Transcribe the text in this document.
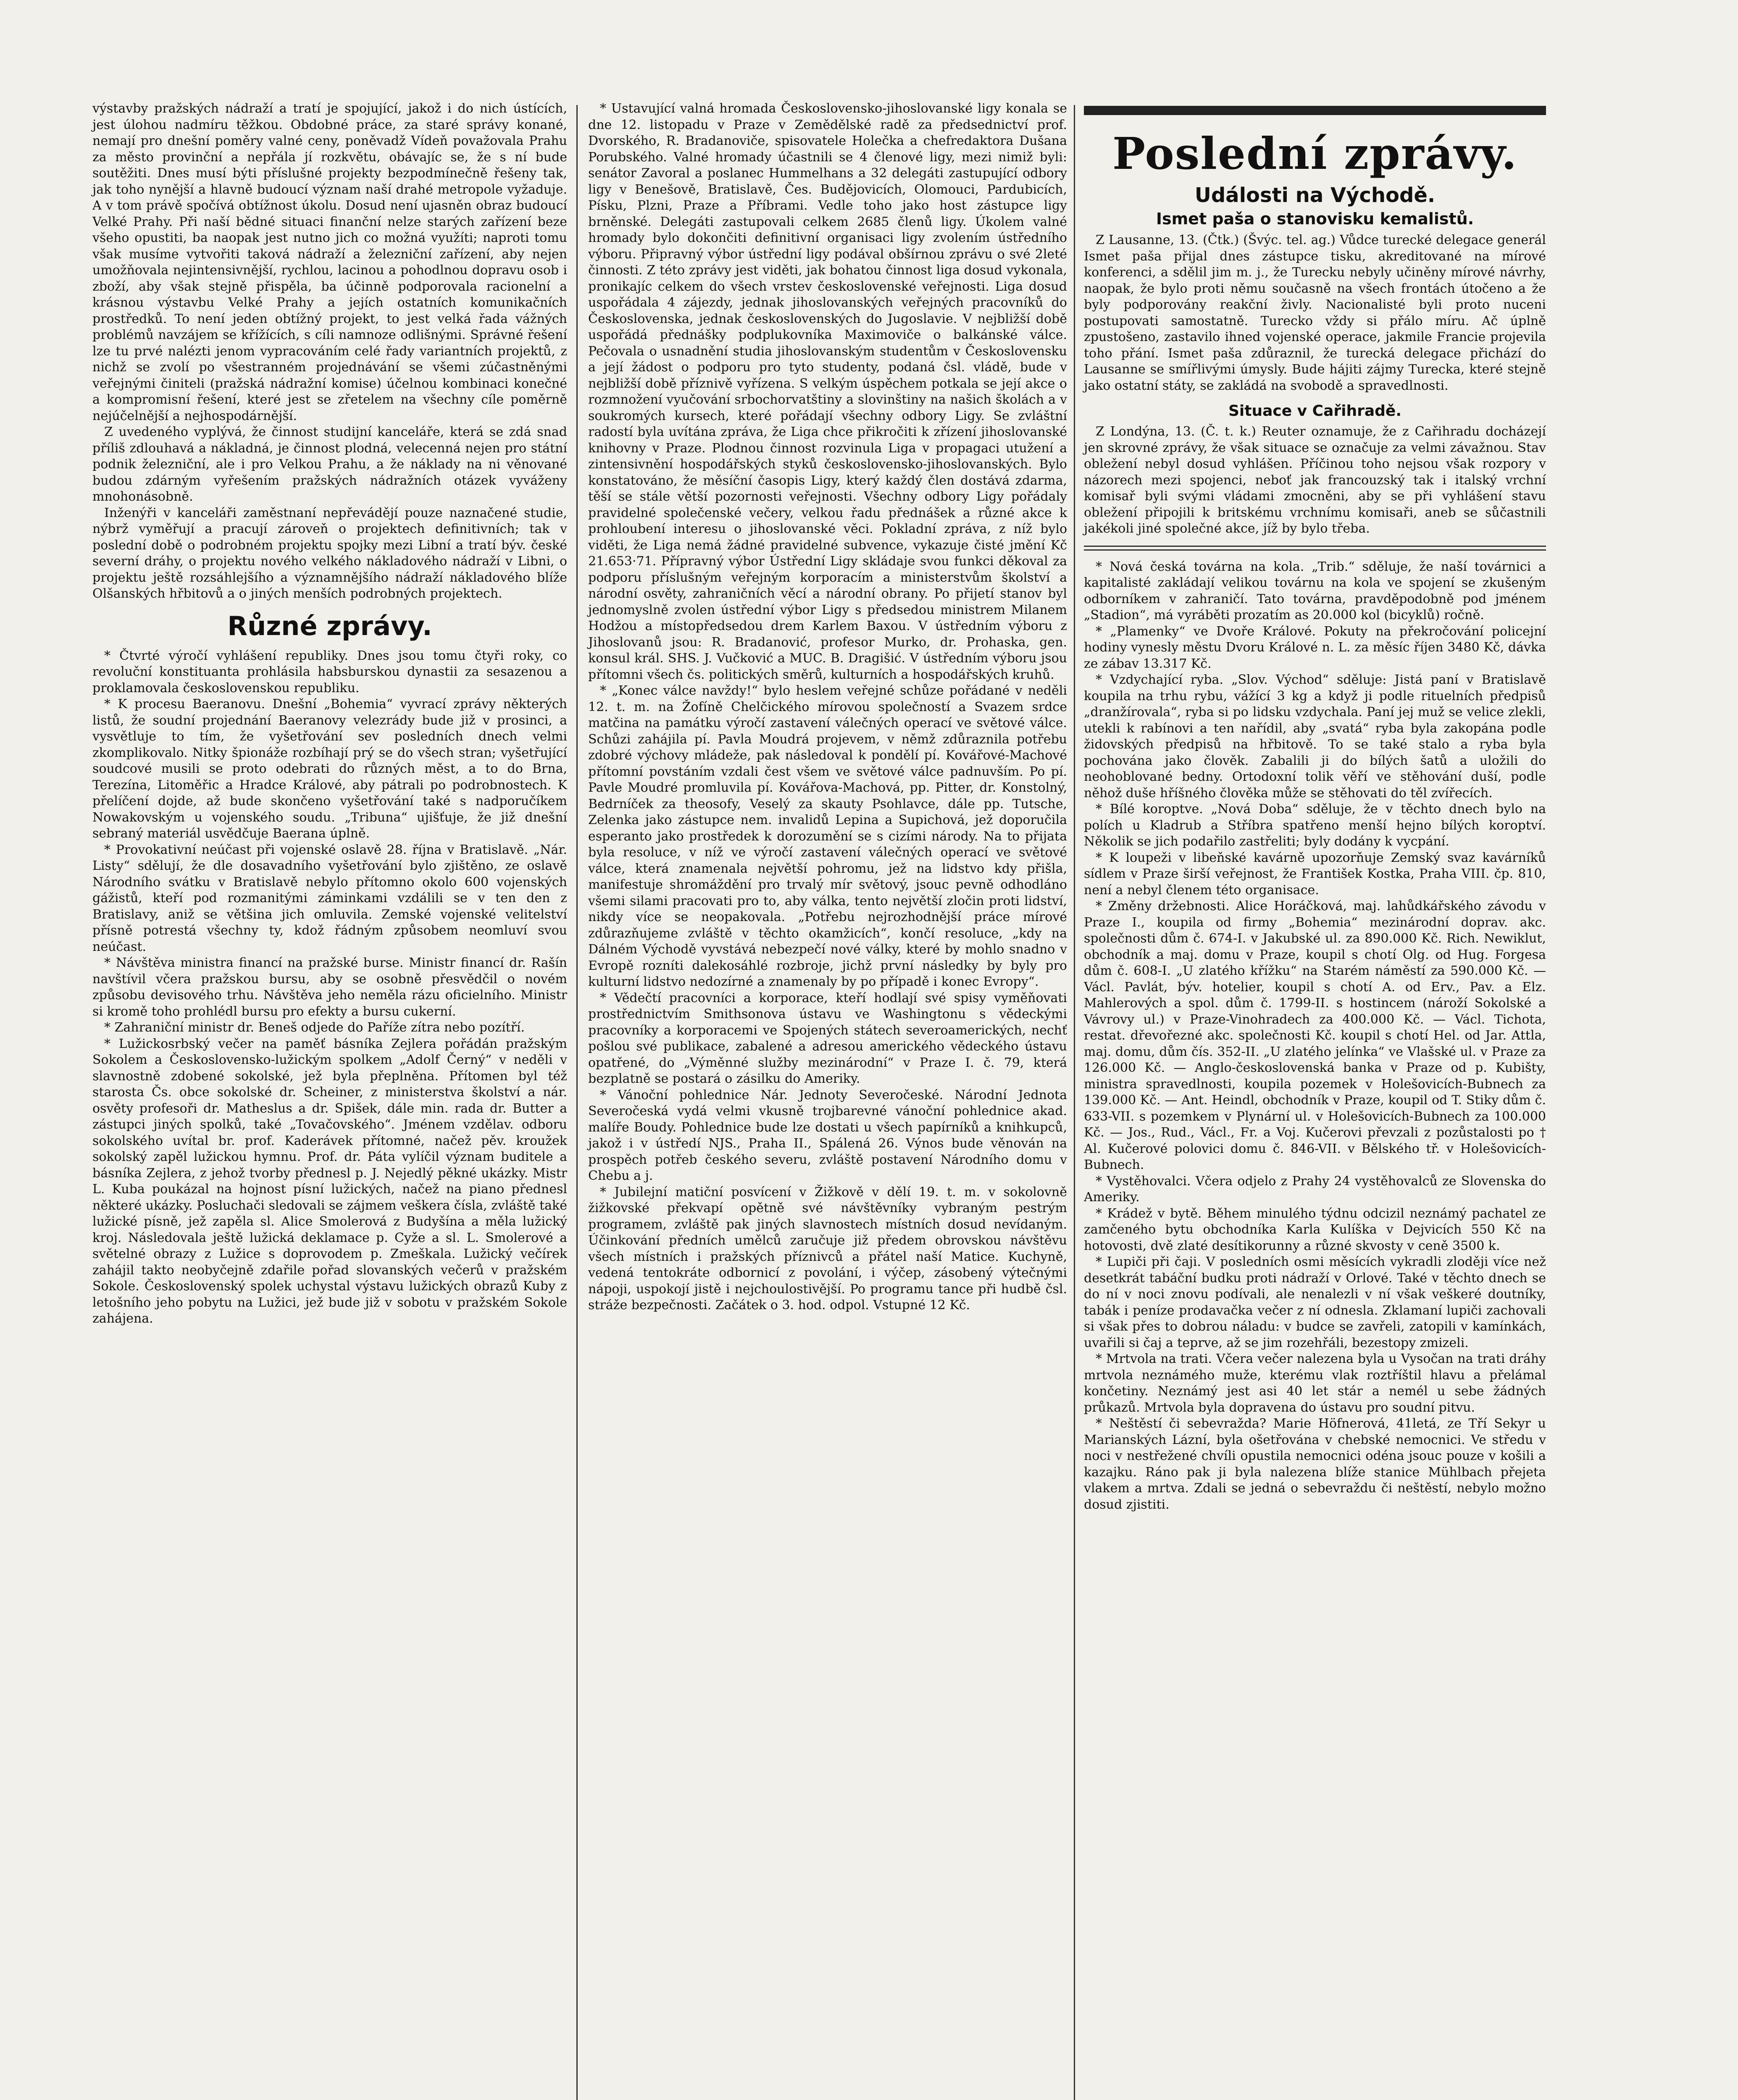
výstavby pražských nádraží a tratí je spojující, jakož i do nich ústících, jest úlohou nadmíru těžkou. Obdobné práce, za staré správy konané, nemají pro dnešní poměry valné ceny, poněvadž Vídeň považovala Prahu za město provinční a nepřála jí rozkvětu, obávajíc se, že s ní bude soutěžiti. Dnes musí býti příslušné projekty bezpodmínečně řešeny tak, jak toho nynější a hlavně budoucí význam naší drahé metropole vyžaduje. A v tom právě spočívá obtížnost úkolu. Dosud není ujasněn obraz budoucí Velké Prahy. Při naší bědné situaci finanční nelze starých zařízení beze všeho opustiti, ba naopak jest nutno jich co možná využíti; naproti tomu však musíme vytvořiti taková nádraží a železniční zařízení, aby nejen umožňovala nejintensivnější, rychlou, lacinou a pohodlnou dopravu osob i zboží, aby však stejně přispěla, ba účinně podporovala racionelní a krásnou výstavbu Velké Prahy a jejích ostatních komunikačních prostředků. To není jeden obtížný projekt, to jest velká řada vážných problémů navzájem se křížících, s cíli namnoze odlišnými. Správné řešení lze tu prvé nalézti jenom vypracováním celé řady variantních projektů, z nichž se zvolí po všestranném projednávání se všemi zúčastněnými veřejnými činiteli (pražská nádražní komise) účelnou kombinaci konečné a kompromisní řešení, které jest se zřetelem na všechny cíle poměrně nejúčelnější a nejhospodárnější.

Z uvedeného vyplývá, že činnost studijní kanceláře, která se zdá snad příliš zdlouhavá a nákladná, je činnost plodná, velecenná nejen pro státní podnik železniční, ale i pro Velkou Prahu, a že náklady na ni věnované budou zdárným vyřešením pražských nádražních otázek vyváženy mnohonásobně.

Inženýři v kanceláři zaměstnaní nepřevádějí pouze naznačené studie, nýbrž vyměřují a pracují zároveň o projektech definitivních; tak v poslední době o podrobném projektu spojky mezi Libní a tratí býv. české severní dráhy, o projektu nového velkého nákladového nádraží v Libni, o projektu ještě rozsáhlejšího a významnějšího nádraží nákladového blíže Olšanských hřbitovů a o jiných menších podrobných projektech.

Různé zprávy.

* Čtvrté výročí vyhlášení republiky. Dnes jsou tomu čtyři roky, co revoluční konstituanta prohlásila habsburskou dynastii za sesazenou a proklamovala československou republiku.

* K procesu Baeranovu. Dnešní „Bohemia“ vyvrací zprávy některých listů, že soudní projednání Baeranovy velezrády bude již v prosinci, a vysvětluje to tím, že vyšetřování sev posledních dnech velmi zkomplikovalo. Nitky špionáže rozbíhají prý se do všech stran; vyšetřující soudcové musili se proto odebrati do různých měst, a to do Brna, Terezína, Litoměřic a Hradce Králové, aby pátrali po podrobnostech. K přelíčení dojde, až bude skončeno vyšetřování také s nadporučíkem Nowakovským u vojenského soudu. „Tribuna“ ujišťuje, že již dnešní sebraný materiál usvědčuje Baerana úplně.

* Provokativní neúčast při vojenské oslavě 28. října v Bratislavě. „Nár. Listy“ sdělují, že dle dosavadního vyšetřování bylo zjištěno, ze oslavě Národního svátku v Bratislavě nebylo přítomno okolo 600 vojenských gážistů, kteří pod rozmanitými záminkami vzdálili se v ten den z Bratislavy, aniž se většina jich omluvila. Zemské vojenské velitelství přísně potrestá všechny ty, kdož řádným způsobem neomluví svou neúčast.

* Návštěva ministra financí na pražské burse. Ministr financí dr. Rašín navštívil včera pražskou bursu, aby se osobně přesvědčil o novém způsobu devisového trhu. Návštěva jeho neměla rázu oficielního. Ministr si kromě toho prohlédl bursu pro efekty a bursu cukerní.

* Zahraniční ministr dr. Beneš odjede do Paříže zítra nebo pozítří.

* Lužickosrbský večer na paměť básníka Zejlera pořádán pražským Sokolem a Československo-lužickým spolkem „Adolf Černý“ v neděli v slavnostně zdobené sokolské, jež byla přeplněna. Přítomen byl též starosta Čs. obce sokolské dr. Scheiner, z ministerstva školství a nár. osvěty profesoři dr. Matheslus a dr. Spišek, dále min. rada dr. Butter a zástupci jiných spolků, také „Tovačovského“. Jménem vzdělav. odboru sokolského uvítal br. prof. Kaderávek přítomné, načež pěv. kroužek sokolský zapěl lužickou hymnu. Prof. dr. Páta vylíčil význam buditele a básníka Zejlera, z jehož tvorby přednesl p. J. Nejedlý pěkné ukázky. Mistr L. Kuba poukázal na hojnost písní lužických, načež na piano přednesl některé ukázky. Posluchači sledovali se zájmem veškera čísla, zvláště také lužické písně, jež zapěla sl. Alice Smolerová z Budyšína a měla lužický kroj. Následovala ještě lužická deklamace p. Cyže a sl. L. Smolerové a světelné obrazy z Lužice s doprovodem p. Zmeškala. Lužický večírek zahájil takto neobyčejně zdařile pořad slovanských večerů v pražském Sokole. Československý spolek uchystal výstavu lužických obrazů Kuby z letošního jeho pobytu na Lužici, jež bude již v sobotu v pražském Sokole zahájena.

* Ustavující valná hromada Československo-jihoslovanské ligy konala se dne 12. listopadu v Praze v Zemědělské radě za předsednictví prof. Dvorského, R. Bradanoviče, spisovatele Holečka a chefredaktora Dušana Porubského. Valné hromady účastnili se 4 členové ligy, mezi nimiž byli: senátor Zavoral a poslanec Hummelhans a 32 delegáti zastupující odbory ligy v Benešově, Bratislavě, Čes. Budějovicích, Olomouci, Pardubicích, Písku, Plzni, Praze a Příbrami. Vedle toho jako host zástupce ligy brněnské. Delegáti zastupovali celkem 2685 členů ligy. Úkolem valné hromady bylo dokončiti definitivní organisaci ligy zvolením ústředního výboru. Připravný výbor ústřední ligy podával obšírnou zprávu o své 2leté činnosti. Z této zprávy jest viděti, jak bohatou činnost liga dosud vykonala, pronikajíc celkem do všech vrstev československé veřejnosti. Liga dosud uspořádala 4 zájezdy, jednak jihoslovanských veřejných pracovníků do Československa, jednak československých do Jugoslavie. V nejbližší době uspořádá přednášky podplukovníka Maximoviče o balkánské válce. Pečovala o usnadnění studia jihoslovanským studentům v Československu a její žádost o podporu pro tyto studenty, podaná čsl. vládě, bude v nejbližší době příznivě vyřízena. S velkým úspěchem potkala se její akce o rozmnožení vyučování srbochorvatštiny a slovinštiny na našich školách a v soukromých kursech, které pořádají všechny odbory Ligy. Se zvláštní radostí byla uvítána zpráva, že Liga chce přikročiti k zřízení jihoslovanské knihovny v Praze. Plodnou činnost rozvinula Liga v propagaci utužení a zintensivnění hospodářských styků československo-jihoslovanských. Bylo konstatováno, že měsíční časopis Ligy, který každý člen dostává zdarma, těší se stále větší pozornosti veřejnosti. Všechny odbory Ligy pořádaly pravidelné společenské večery, velkou řadu přednášek a různé akce k prohloubení interesu o jihoslovanské věci. Pokladní zpráva, z níž bylo viděti, že Liga nemá žádné pravidelné subvence, vykazuje čisté jmění Kč 21.653·71. Přípravný výbor Ústřední Ligy skládaje svou funkci děkoval za podporu příslušným veřejným korporacím a ministerstvům školství a národní osvěty, zahraničních věcí a národní obrany. Po přijetí stanov byl jednomyslně zvolen ústřední výbor Ligy s předsedou ministrem Milanem Hodžou a místopředsedou drem Karlem Baxou. V ústředním výboru z Jihoslovanů jsou: R. Bradanović, profesor Murko, dr. Prohaska, gen. konsul král. SHS. J. Vučković a MUC. B. Dragišić. V ústředním výboru jsou přítomni všech čs. politických směrů, kulturních a hospodářských kruhů.

* „Konec válce navždy!“ bylo heslem veřejné schůze pořádané v neděli 12. t. m. na Žofíně Chelčického mírovou společností a Svazem srdce matčina na památku výročí zastavení válečných operací ve světové válce. Schůzi zahájila pí. Pavla Moudrá projevem, v němž zdůraznila potřebu zdobré výchovy mládeže, pak následoval k pondělí pí. Kovářové-Machové přítomní povstáním vzdali čest všem ve světové válce padnuvším. Po pí. Pavle Moudré promluvila pí. Kovářova-Machová, pp. Pitter, dr. Konstolný, Bedrníček za theosofy, Veselý za skauty Psohlavce, dále pp. Tutsche, Zelenka jako zástupce nem. invalidů Lepina a Supichová, jež doporučila esperanto jako prostředek k dorozumění se s cizími národy. Na to přijata byla resoluce, v níž ve výročí zastavení válečných operací ve světové válce, která znamenala největší pohromu, jež na lidstvo kdy přišla, manifestuje shromáždění pro trvalý mír světový, jsouc pevně odhodláno všemi silami pracovati pro to, aby válka, tento největší zločin proti lidství, nikdy více se neopakovala. „Potřebu nejrozhodnější práce mírové zdůrazňujeme zvláště v těchto okamžicích“, končí resoluce, „kdy na Dálném Východě vyvstává nebezpečí nové války, které by mohlo snadno v Evropě rozníti dalekosáhlé rozbroje, jichž první následky by byly pro kulturní lidstvo nedozírné a znamenaly by po případě i konec Evropy“.

* Vědečtí pracovníci a korporace, kteří hodlají své spisy vyměňovati prostřednictvím Smithsonova ústavu ve Washingtonu s vědeckými pracovníky a korporacemi ve Spojených státech severoamerických, nechť pošlou své publikace, zabalené a adresou amerického vědeckého ústavu opatřené, do „Výměnné služby mezinárodní“ v Praze I. č. 79, která bezplatně se postará o zásilku do Ameriky.

* Vánoční pohlednice Nár. Jednoty Severočeské. Národní Jednota Severočeská vydá velmi vkusně trojbarevné vánoční pohlednice akad. malíře Boudy. Pohlednice bude lze dostati u všech papírníků a knihkupců, jakož i v ústředí NJS., Praha II., Spálená 26. Výnos bude věnován na prospěch potřeb českého severu, zvláště postavení Národního domu v Chebu a j.

* Jubilejní matiční posvícení v Žižkově v dělí 19. t. m. v sokolovně žižkovské překvapí opětně své návštěvníky vybraným pestrým programem, zvláště pak jiných slavnostech místních dosud nevídaným. Účinkování předních umělců zaručuje již předem obrovskou návštěvu všech místních i pražských příznivců a přátel naší Matice. Kuchyně, vedená tentokráte odbornicí z povolání, i výčep, zásobený výtečnými nápoji, uspokojí jistě i nejchoulostivější. Po programu tance při hudbě čsl. stráže bezpečnosti. Začátek o 3. hod. odpol. Vstupné 12 Kč.

Poslední zprávy.
Události na Východě.
Ismet paša o stanovisku kemalistů.

Z Lausanne, 13. (Čtk.) (Švýc. tel. ag.) Vůdce turecké delegace generál Ismet paša přijal dnes zástupce tisku, akreditované na mírové konferenci, a sdělil jim m. j., že Turecku nebyly učiněny mírové návrhy, naopak, že bylo proti němu současně na všech frontách útočeno a že byly podporovány reakční živly. Nacionalisté byli proto nuceni postupovati samostatně. Turecko vždy si přálo míru. Ač úplně zpustošeno, zastavilo ihned vojenské operace, jakmile Francie projevila toho přání. Ismet paša zdůraznil, že turecká delegace přichází do Lausanne se smířlivými úmysly. Bude hájiti zájmy Turecka, které stejně jako ostatní státy, se zakládá na svobodě a spravedlnosti.

Situace v Cařihradě.

Z Londýna, 13. (Č. t. k.) Reuter oznamuje, že z Cařihradu docházejí jen skrovné zprávy, že však situace se označuje za velmi závažnou. Stav obležení nebyl dosud vyhlášen. Příčinou toho nejsou však rozpory v názorech mezi spojenci, neboť jak francouzský tak i italský vrchní komisař byli svými vládami zmocněni, aby se při vyhlášení stavu obležení připojili k britskému vrchnímu komisaři, aneb se sůčastnili jakékoli jiné společné akce, jíž by bylo třeba.

* Nová česká továrna na kola. „Trib.“ sděluje, že naší továrnici a kapitalisté zakládají velikou továrnu na kola ve spojení se zkušeným odborníkem v zahraničí. Tato továrna, pravděpodobně pod jménem „Stadion“, má vyráběti prozatím as 20.000 kol (bicyklů) ročně.

* „Plamenky“ ve Dvoře Králové. Pokuty na překročování policejní hodiny vynesly městu Dvoru Králové n. L. za měsíc říjen 3480 Kč, dávka ze zábav 13.317 Kč.

* Vzdychající ryba. „Slov. Východ“ sděluje: Jistá paní v Bratislavě koupila na trhu rybu, vážící 3 kg a když ji podle rituelních předpisů „dranžírovala“, ryba si po lidsku vzdychala. Paní jej muž se velice zlekli, utekli k rabínovi a ten nařídil, aby „svatá“ ryba byla zakopána podle židovských předpisů na hřbitově. To se také stalo a ryba byla pochována jako člověk. Zabalili ji do bílých šatů a uložili do neohoblované bedny. Ortodoxní tolik věří ve stěhování duší, podle něhož duše hříšného člověka může se stěhovati do těl zvířecích.

* Bílé koroptve. „Nová Doba“ sděluje, že v těchto dnech bylo na polích u Kladrub a Stříbra spatřeno menší hejno bílých koroptví. Několik se jich podařilo zastřeliti; byly dodány k vycpání.

* K loupeži v libeňské kavárně upozorňuje Zemský svaz kavárníků sídlem v Praze širší veřejnost, že František Kostka, Praha VIII. čp. 810, není a nebyl členem této organisace.

* Změny držebnosti. Alice Horáčková, maj. lahůdkářského závodu v Praze I., koupila od firmy „Bohemia“ mezinárodní doprav. akc. společnosti dům č. 674-I. v Jakubské ul. za 890.000 Kč. Rich. Newiklut, obchodník a maj. domu v Praze, koupil s chotí Olg. od Hug. Forgesa dům č. 608-I. „U zlatého křížku“ na Starém náměstí za 590.000 Kč. — Václ. Pavlát, býv. hotelier, koupil s chotí A. od Erv., Pav. a Elz. Mahlerových a spol. dům č. 1799-II. s hostincem (nároží Sokolské a Vávrovy ul.) v Praze-Vinohradech za 400.000 Kč. — Václ. Tichota, restat. dřevořezné akc. společnosti Kč. koupil s chotí Hel. od Jar. Attla, maj. domu, dům čís. 352-II. „U zlatého jelínka“ ve Vlašské ul. v Praze za 126.000 Kč. — Anglo-československá banka v Praze od p. Kubišty, ministra spravedlnosti, koupila pozemek v Holešovicích-Bubnech za 139.000 Kč. — Ant. Heindl, obchodník v Praze, koupil od T. Stiky dům č. 633-VII. s pozemkem v Plynární ul. v Holešovicích-Bubnech za 100.000 Kč. — Jos., Rud., Václ., Fr. a Voj. Kučerovi převzali z pozůstalosti po † Al. Kučerové polovici domu č. 846-VII. v Bělského tř. v Holešovicích-Bubnech.

* Vystěhovalci. Včera odjelo z Prahy 24 vystěhovalců ze Slovenska do Ameriky.

* Krádež v bytě. Během minulého týdnu odcizil neznámý pachatel ze zamčeného bytu obchodníka Karla Kulíška v Dejvicích 550 Kč na hotovosti, dvě zlaté desítikorunny a různé skvosty v ceně 3500 k.

* Lupiči při čaji. V posledních osmi měsících vykradli zloději více než desetkrát tabáční budku proti nádraží v Orlové. Také v těchto dnech se do ní v noci znovu podívali, ale nenalezli v ní však veškeré doutníky, tabák i peníze prodavačka večer z ní odnesla. Zklamaní lupiči zachovali si však přes to dobrou náladu: v budce se zavřeli, zatopili v kamínkách, uvařili si čaj a teprve, až se jim rozehřáli, bezestopy zmizeli.

* Mrtvola na trati. Včera večer nalezena byla u Vysočan na trati dráhy mrtvola neznámého muže, kterému vlak roztříštil hlavu a přelámal končetiny. Neznámý jest asi 40 let stár a nemél u sebe žádných průkazů. Mrtvola byla dopravena do ústavu pro soudní pitvu.

* Neštěstí či sebevražda? Marie Höfnerová, 41letá, ze Tří Sekyr u Marianských Lázní, byla ošetřována v chebské nemocnici. Ve středu v noci v nestřežené chvíli opustila nemocnici odéna jsouc pouze v košili a kazajku. Ráno pak ji byla nalezena blíže stanice Mühlbach přejeta vlakem a mrtva. Zdali se jedná o sebevraždu či neštěstí, nebylo možno dosud zjistiti.
